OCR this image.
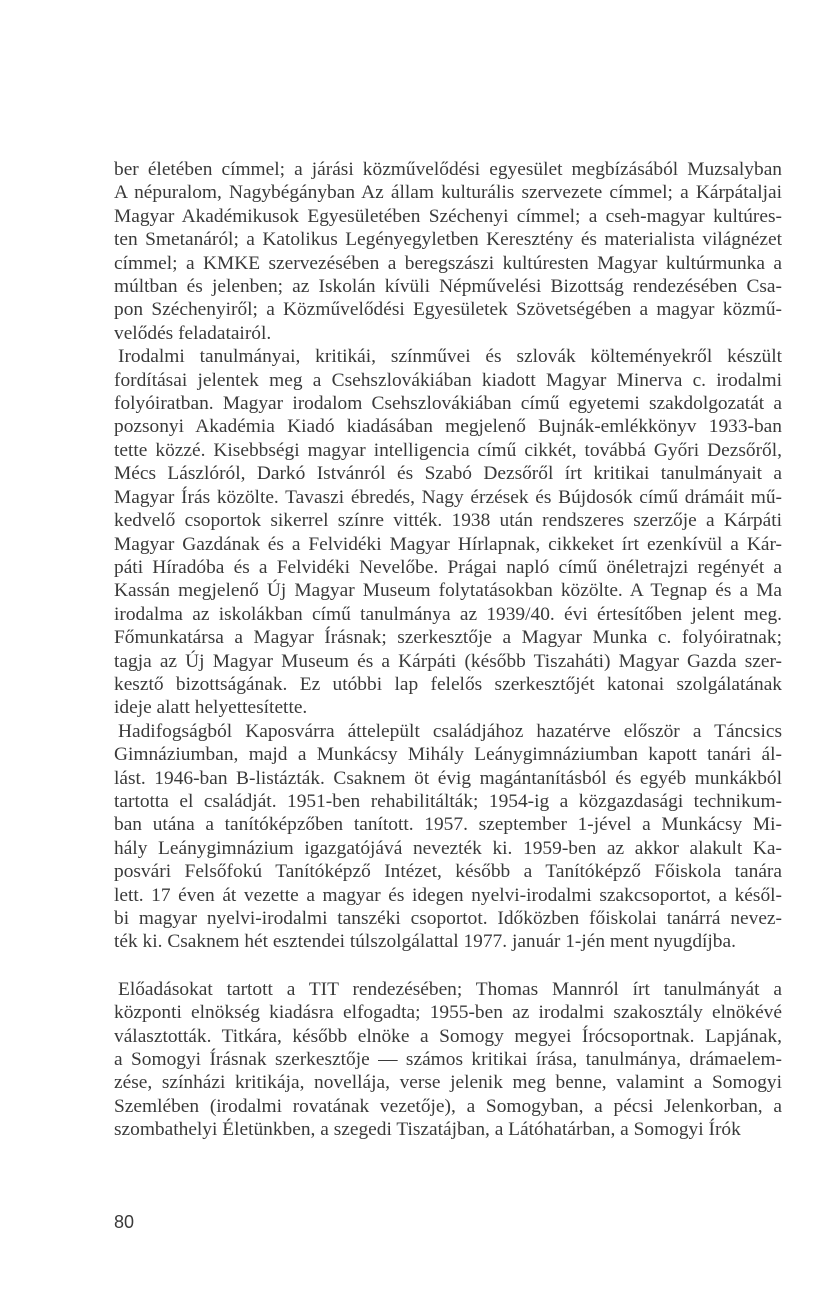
ber életében címmel; a járási közművelődési egyesület megbízásából Muzsalyban
A népuralom, Nagybégányban Az állam kulturális szervezete címmel; a Kárpátaljai
Magyar Akadémikusok Egyesületében Széchenyi címmel; a cseh-magyar kultúres-
ten Smetanáról; a Katolikus Legényegyletben Keresztény és materialista világnézet
címmel; a KMKE szervezésében a beregszászi kultúresten Magyar kultúrmunka a
múltban és jelenben; az Iskolán kívüli Népművelési Bizottság rendezésében Csa-
pon Széchenyiről; a Közművelődési Egyesületek Szövetségében a magyar közmű-
velődés feladatairól.

Irodalmi tanulmányai, kritikái, színművei és szlovák költeményekről készült
fordításai jelentek meg a Csehszlovákiában kiadott Magyar Minerva c. irodalmi
folyóiratban. Magyar irodalom Csehszlovákiában című egyetemi szakdolgozatát a
pozsonyi Akadémia Kiadó kiadásában megjelenő Bujnák-emlékkönyv 1933-ban
tette közzé. Kisebbségi magyar intelligencia című cikkét, továbbá Győri Dezsőről,
Mécs Lászlóról, Darkó Istvánról és Szabó Dezsőről írt kritikai tanulmányait a
Magyar Írás közölte. Tavaszi ébredés, Nagy érzések és Bújdosók című drámáit mű-
kedvelő csoportok sikerrel színre vitték. 1938 után rendszeres szerzője a Kárpáti
Magyar Gazdának és a Felvidéki Magyar Hírlapnak, cikkeket írt ezenkívül a Kár-
páti Híradóba és a Felvidéki Nevelőbe. Prágai napló című önéletrajzi regényét a
Kassán megjelenő Új Magyar Museum folytatásokban közölte. A Tegnap és a Ma
irodalma az iskolákban című tanulmánya az 1939/40. évi értesítőben jelent meg.
Főmunkatársa a Magyar Írásnak; szerkesztője a Magyar Munka c. folyóiratnak;
tagja az Új Magyar Museum és a Kárpáti (később Tiszaháti) Magyar Gazda szer-
kesztő bizottságának. Ez utóbbi lap felelős szerkesztőjét katonai szolgálatának
ideje alatt helyettesítette.

Hadifogságból Kaposvárra áttelepült családjához hazatérve először a Táncsics
Gimnáziumban, majd a Munkácsy Mihály Leánygimnáziumban kapott tanári ál-
lást. 1946-ban B-listázták. Csaknem öt évig magántanításból és egyéb munkákból
tartotta el családját. 1951-ben rehabilitálták; 1954-ig a közgazdasági technikum-
ban utána a tanítóképzőben tanított. 1957. szeptember 1-jével a Munkácsy Mi-
hály Leánygimnázium igazgatójává nevezték ki. 1959-ben az akkor alakult Ka-
posvári Felsőfokú Tanítóképző Intézet, később a Tanítóképző Főiskola tanára
lett. 17 éven át vezette a magyar és idegen nyelvi-irodalmi szakcsoportot, a késől-
bi magyar nyelvi-irodalmi tanszéki csoportot. Időközben főiskolai tanárrá nevez-
ték ki. Csaknem hét esztendei túlszolgálattal 1977. január 1-jén ment nyugdíjba.

Előadásokat tartott a TIT rendezésében; Thomas Mannról írt tanulmányát a
központi elnökség kiadásra elfogadta; 1955-ben az irodalmi szakosztály elnökévé
választották. Titkára, később elnöke a Somogy megyei Írócsoportnak. Lapjának,
a Somogyi Írásnak szerkesztője — számos kritikai írása, tanulmánya, drámaelem-
zése, színházi kritikája, novellája, verse jelenik meg benne, valamint a Somogyi
Szemlében (irodalmi rovatának vezetője), a Somogyban, a pécsi Jelenkorban, a
szombathelyi Életünkben, a szegedi Tiszatájban, a Látóhatárban, a Somogyi Írók

80
